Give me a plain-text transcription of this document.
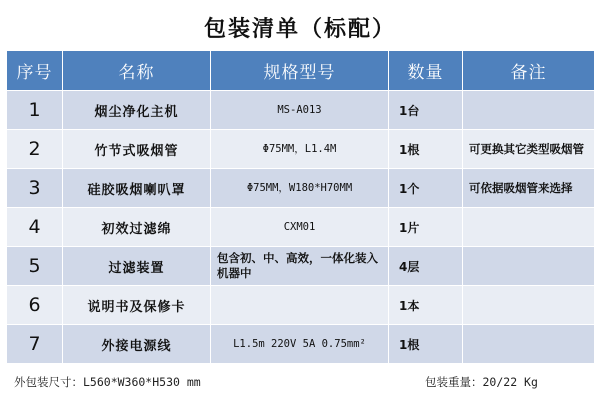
包装清单（标配）
序号	名称	规格型号	数量	备注
1	烟尘净化主机	MS-A013	1台	
2	竹节式吸烟管	Φ75MM，L1.4M	1根	可更换其它类型吸烟管
3	硅胶吸烟喇叭罩	Φ75MM，W180*H70MM	1个	可依据吸烟管来选择
4	初效过滤绵	CXM01	1片	
5	过滤装置	包含初、中、高效，一体化装入机器中	4层	
6	说明书及保修卡		1本	
7	外接电源线	L1.5m 220V 5A 0.75mm²	1根	
外包装尺寸：L560*W360*H530 mm	包装重量：20/22 Kg
